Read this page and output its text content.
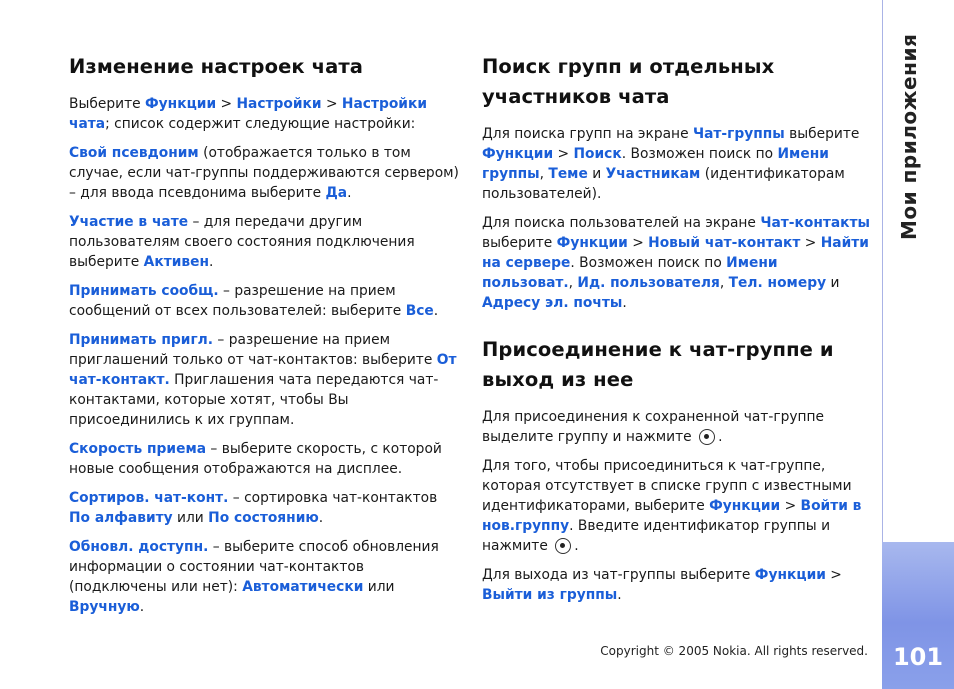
Изменение настроек чата

Выберите Функции > Настройки > Настройки чата; список содержит следующие настройки:

Свой псевдоним (отображается только в том случае, если чат-группы поддерживаются сервером) – для ввода псевдонима выберите Да.

Участие в чате – для передачи другим пользователям своего состояния подключения выберите Активен.

Принимать сообщ. – разрешение на прием сообщений от всех пользователей: выберите Все.

Принимать пригл. – разрешение на прием приглашений только от чат-контактов: выберите От чат-контакт. Приглашения чата передаются чат-контактами, которые хотят, чтобы Вы присоединились к их группам.

Скорость приема – выберите скорость, с которой новые сообщения отображаются на дисплее.

Сортиров. чат-конт. – сортировка чат-контактов По алфавиту или По состоянию.

Обновл. доступн. – выберите способ обновления информации о состоянии чат-контактов (подключены или нет): Автоматически или Вручную.

Поиск групп и отдельных участников чата

Для поиска групп на экране Чат-группы выберите Функции > Поиск. Возможен поиск по Имени группы, Теме и Участникам (идентификаторам пользователей).

Для поиска пользователей на экране Чат-контакты выберите Функции > Новый чат-контакт > Найти на сервере. Возможен поиск по Имени пользоват., Ид. пользователя, Тел. номеру и Адресу эл. почты.

Присоединение к чат-группе и выход из нее

Для присоединения к сохраненной чат-группе выделите группу и нажмите .

Для того, чтобы присоединиться к чат-группе, которая отсутствует в списке групп с известными идентификаторами, выберите Функции > Войти в нов.группу. Введите идентификатор группы и нажмите .

Для выхода из чат-группы выберите Функции > Выйти из группы.

Copyright © 2005 Nokia. All rights reserved.
Мои приложения
101
